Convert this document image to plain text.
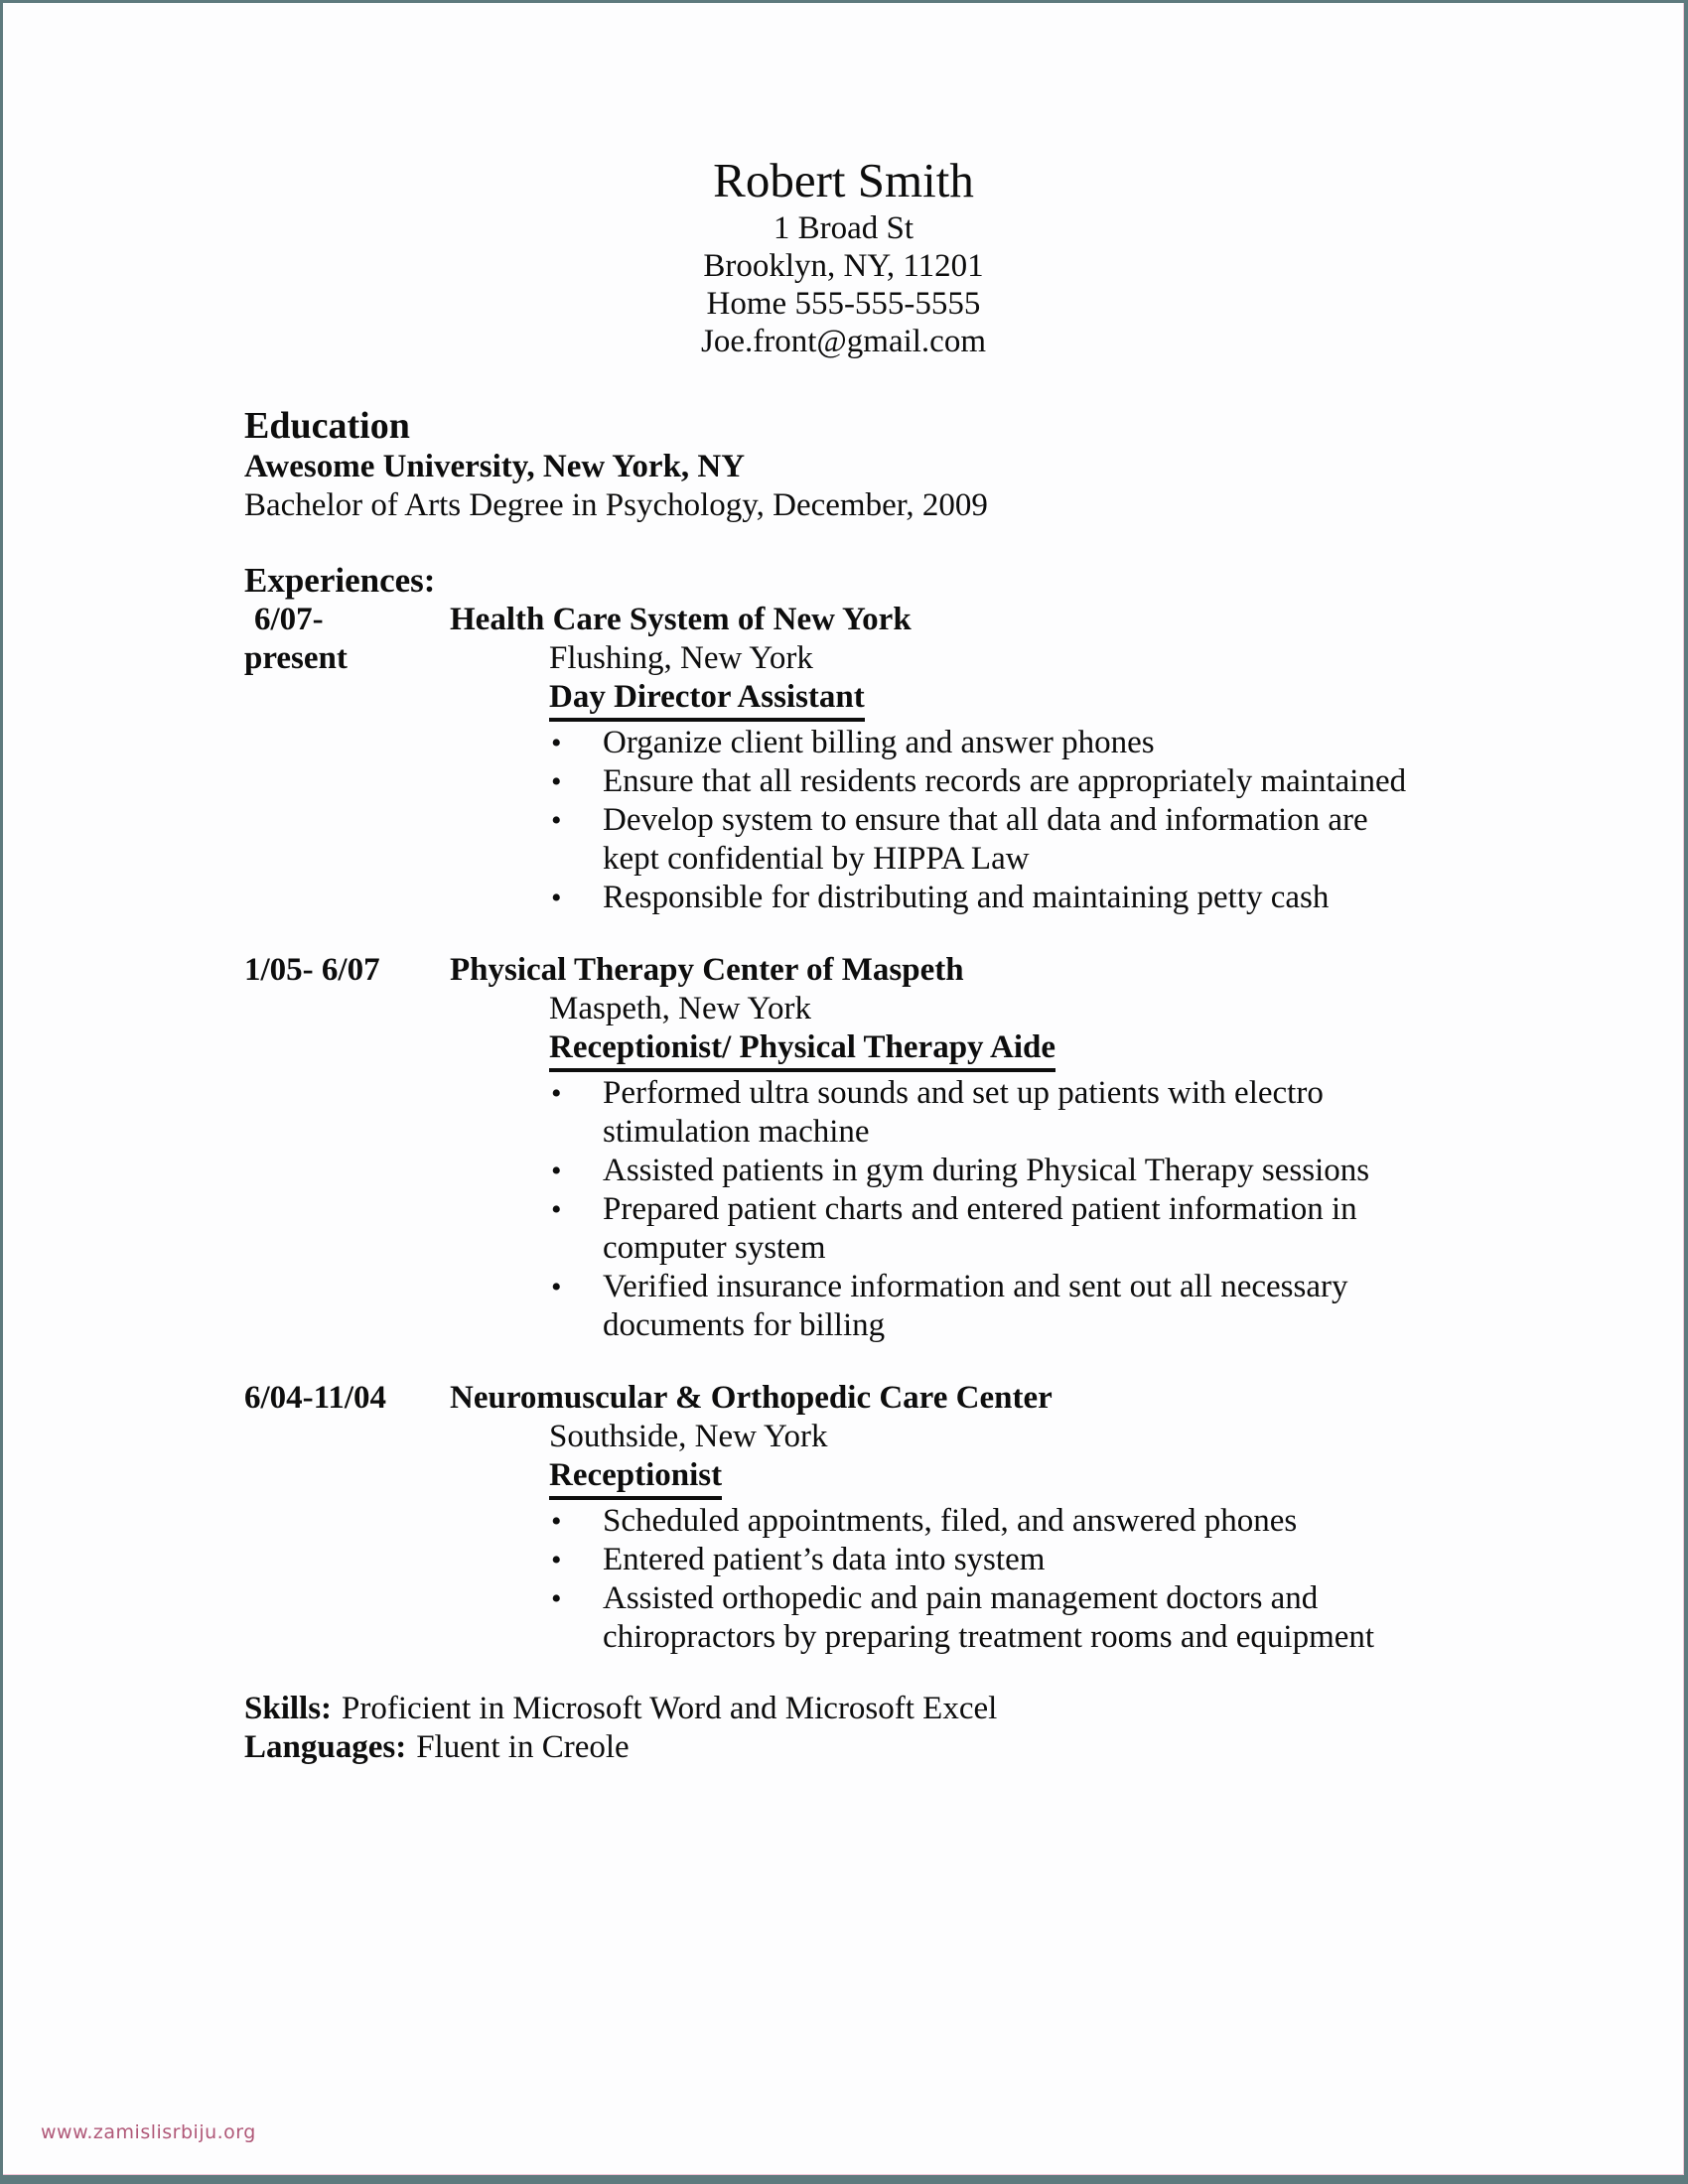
Robert Smith
1 Broad St
Brooklyn, NY, 11201
Home 555-555-5555
Joe.front@gmail.com
Education
Awesome University, New York, NY
Bachelor of Arts Degree in Psychology, December, 2009
Experiences:
6/07-
present
Health Care System of New York
Flushing, New York
Day Director Assistant
• Organize client billing and answer phones
• Ensure that all residents records are appropriately maintained
• Develop system to ensure that all data and information are kept confidential by HIPPA Law
• Responsible for distributing and maintaining petty cash
1/05- 6/07	Physical Therapy Center of Maspeth
Maspeth, New York
Receptionist/ Physical Therapy Aide
• Performed ultra sounds and set up patients with electro stimulation machine
• Assisted patients in gym during Physical Therapy sessions
• Prepared patient charts and entered patient information in computer system
• Verified insurance information and sent out all necessary documents for billing
6/04-11/04	Neuromuscular & Orthopedic Care Center
Southside, New York
Receptionist
• Scheduled appointments, filed, and answered phones
• Entered patient’s data into system
• Assisted orthopedic and pain management doctors and chiropractors by preparing treatment rooms and equipment
Skills: Proficient in Microsoft Word and Microsoft Excel
Languages: Fluent in Creole
www.zamislisrbiju.org
